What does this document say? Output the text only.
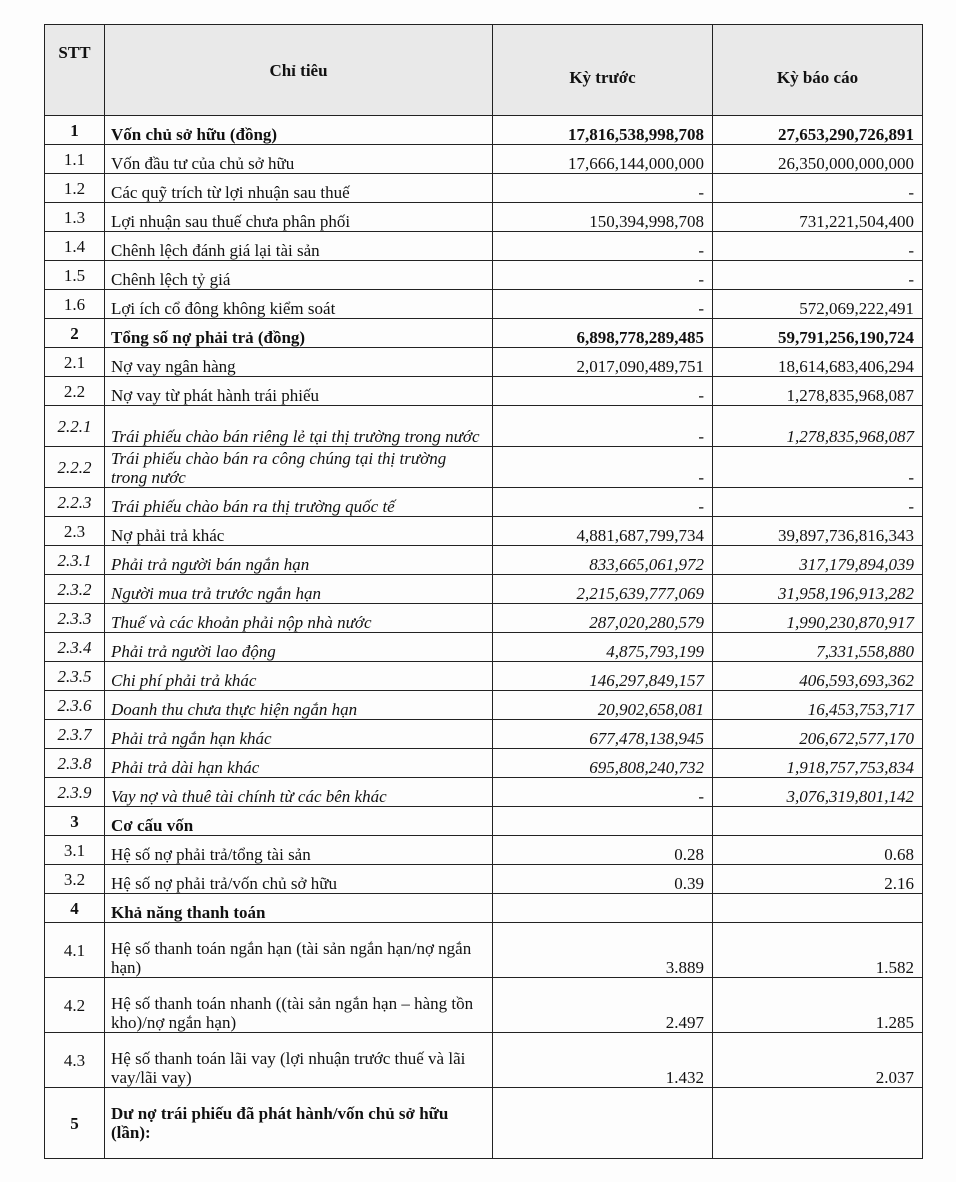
STT	Chỉ tiêu	Kỳ trước	Kỳ báo cáo
1	Vốn chủ sở hữu (đồng)	17,816,538,998,708	27,653,290,726,891
1.1	Vốn đầu tư của chủ sở hữu	17,666,144,000,000	26,350,000,000,000
1.2	Các quỹ trích từ lợi nhuận sau thuế	-	-
1.3	Lợi nhuận sau thuế chưa phân phối	150,394,998,708	731,221,504,400
1.4	Chênh lệch đánh giá lại tài sản	-	-
1.5	Chênh lệch tỷ giá	-	-
1.6	Lợi ích cổ đông không kiểm soát	-	572,069,222,491
2	Tổng số nợ phải trả (đồng)	6,898,778,289,485	59,791,256,190,724
2.1	Nợ vay ngân hàng	2,017,090,489,751	18,614,683,406,294
2.2	Nợ vay từ phát hành trái phiếu	-	1,278,835,968,087
2.2.1	Trái phiếu chào bán riêng lẻ tại thị trường trong nước	-	1,278,835,968,087
2.2.2	Trái phiếu chào bán ra công chúng tại thị trường trong nước	-	-
2.2.3	Trái phiếu chào bán ra thị trường quốc tế	-	-
2.3	Nợ phải trả khác	4,881,687,799,734	39,897,736,816,343
2.3.1	Phải trả người bán ngắn hạn	833,665,061,972	317,179,894,039
2.3.2	Người mua trả trước ngắn hạn	2,215,639,777,069	31,958,196,913,282
2.3.3	Thuế và các khoản phải nộp nhà nước	287,020,280,579	1,990,230,870,917
2.3.4	Phải trả người lao động	4,875,793,199	7,331,558,880
2.3.5	Chi phí phải trả khác	146,297,849,157	406,593,693,362
2.3.6	Doanh thu chưa thực hiện ngắn hạn	20,902,658,081	16,453,753,717
2.3.7	Phải trả ngắn hạn khác	677,478,138,945	206,672,577,170
2.3.8	Phải trả dài hạn khác	695,808,240,732	1,918,757,753,834
2.3.9	Vay nợ và thuê tài chính từ các bên khác	-	3,076,319,801,142
3	Cơ cấu vốn		
3.1	Hệ số nợ phải trả/tổng tài sản	0.28	0.68
3.2	Hệ số nợ phải trả/vốn chủ sở hữu	0.39	2.16
4	Khả năng thanh toán		
4.1	Hệ số thanh toán ngắn hạn (tài sản ngắn hạn/nợ ngắn hạn)	3.889	1.582
4.2	Hệ số thanh toán nhanh ((tài sản ngắn hạn – hàng tồn kho)/nợ ngắn hạn)	2.497	1.285
4.3	Hệ số thanh toán lãi vay (lợi nhuận trước thuế và lãi vay/lãi vay)	1.432	2.037
5	Dư nợ trái phiếu đã phát hành/vốn chủ sở hữu (lần):		
